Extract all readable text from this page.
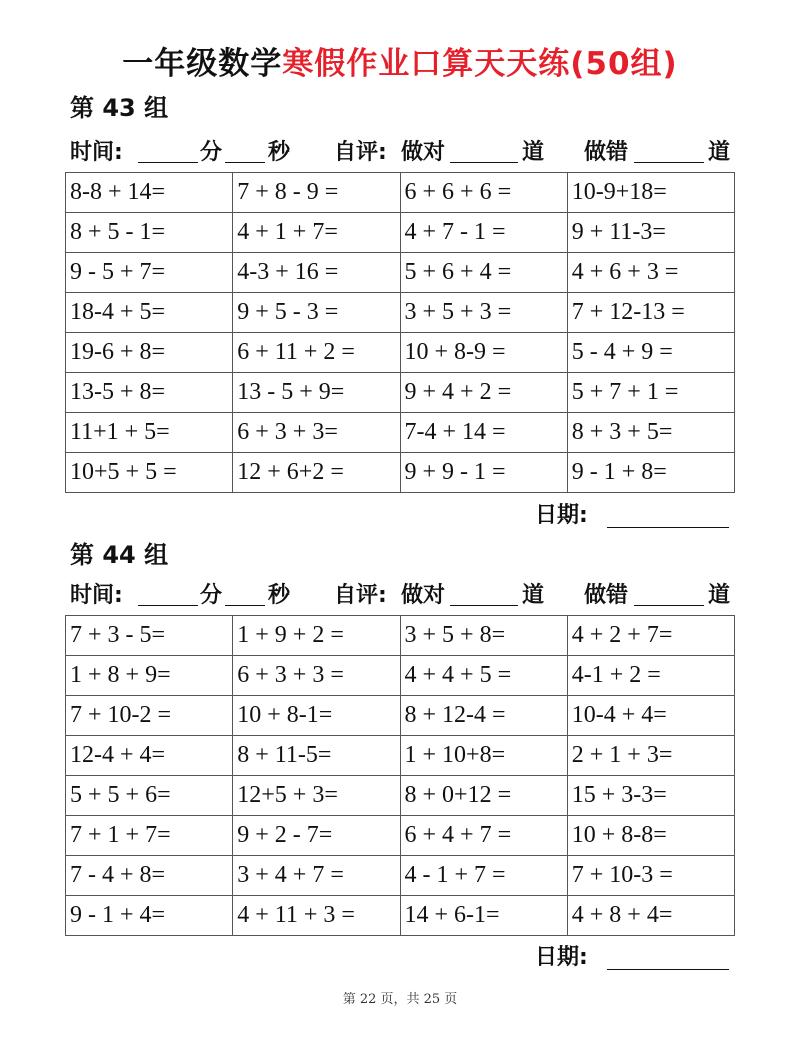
一年级数学寒假作业口算天天练(50组)
第 43 组
时间:	分 秒 自评: 做对	道 做错	道
8-8 + 14=	7 + 8 - 9 =	6 + 6 + 6 =	10-9+18=
8 + 5 - 1=	4 + 1 + 7=	4 + 7 - 1 =	9 + 11-3=
9 - 5 + 7=	4-3 + 16 =	5 + 6 + 4 =	4 + 6 + 3 =
18-4 + 5=	9 + 5 - 3 =	3 + 5 + 3 =	7 + 12-13 =
19-6 + 8=	6 + 11 + 2 =	10 + 8-9 =	5 - 4 + 9 =
13-5 + 8=	13 - 5 + 9=	9 + 4 + 2 =	5 + 7 + 1 =
11+1 + 5=	6 + 3 + 3=	7-4 + 14 =	8 + 3 + 5=
10+5 + 5 =	12 + 6+2 =	9 + 9 - 1 =	9 - 1 + 8=
日期:
第 44 组
时间:	分 秒 自评: 做对	道 做错	道
7 + 3 - 5=	1 + 9 + 2 =	3 + 5 + 8=	4 + 2 + 7=
1 + 8 + 9=	6 + 3 + 3 =	4 + 4 + 5 =	4-1 + 2 =
7 + 10-2 =	10 + 8-1=	8 + 12-4 =	10-4 + 4=
12-4 + 4=	8 + 11-5=	1 + 10+8=	2 + 1 + 3=
5 + 5 + 6=	12+5 + 3=	8 + 0+12 =	15 + 3-3=
7 + 1 + 7=	9 + 2 - 7=	6 + 4 + 7 =	10 + 8-8=
7 - 4 + 8=	3 + 4 + 7 =	4 - 1 + 7 =	7 + 10-3 =
9 - 1 + 4=	4 + 11 + 3 =	14 + 6-1=	4 + 8 + 4=
日期:
第 22 页，共 25 页
